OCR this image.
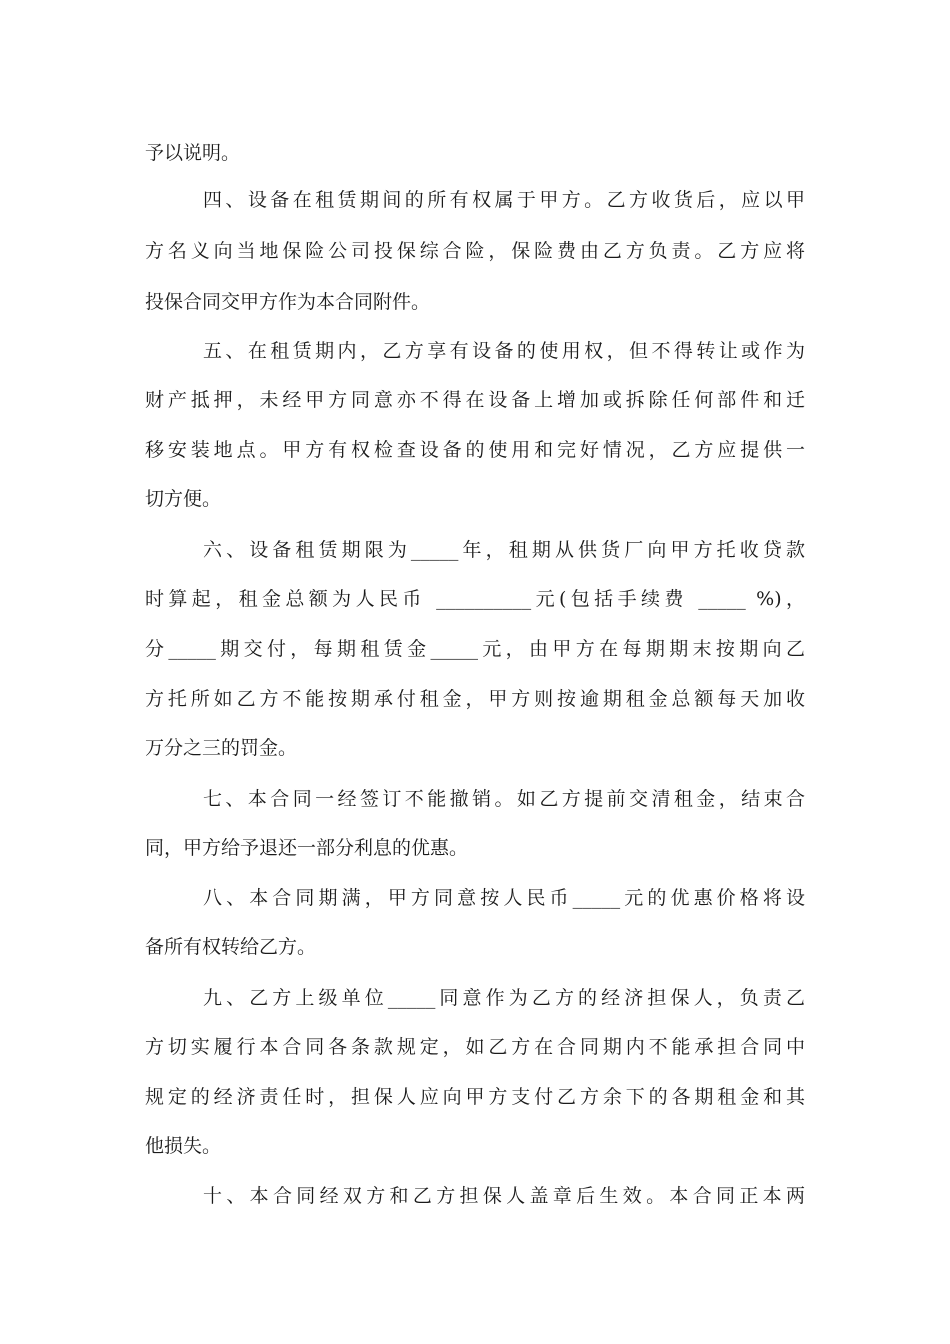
予以说明。
四、设备在租赁期间的所有权属于甲方。乙方收货后，应以甲
方名义向当地保险公司投保综合险，保险费由乙方负责。乙方应将
投保合同交甲方作为本合同附件。
五、在租赁期内，乙方享有设备的使用权，但不得转让或作为
财产抵押，未经甲方同意亦不得在设备上增加或拆除任何部件和迁
移安装地点。甲方有权检查设备的使用和完好情况，乙方应提供一
切方便。
六、设备租赁期限为_____年，租期从供货厂向甲方托收贷款
时算起，租金总额为人民币 __________元(包括手续费 _____ %)，
分_____期交付，每期租赁金_____元，由甲方在每期期末按期向乙
方托所如乙方不能按期承付租金，甲方则按逾期租金总额每天加收
万分之三的罚金。
七、本合同一经签订不能撤销。如乙方提前交清租金，结束合
同，甲方给予退还一部分利息的优惠。
八、本合同期满，甲方同意按人民币_____元的优惠价格将设
备所有权转给乙方。
九、乙方上级单位_____同意作为乙方的经济担保人，负责乙
方切实履行本合同各条款规定，如乙方在合同期内不能承担合同中
规定的经济责任时，担保人应向甲方支付乙方余下的各期租金和其
他损失。
十、本合同经双方和乙方担保人盖章后生效。本合同正本两
